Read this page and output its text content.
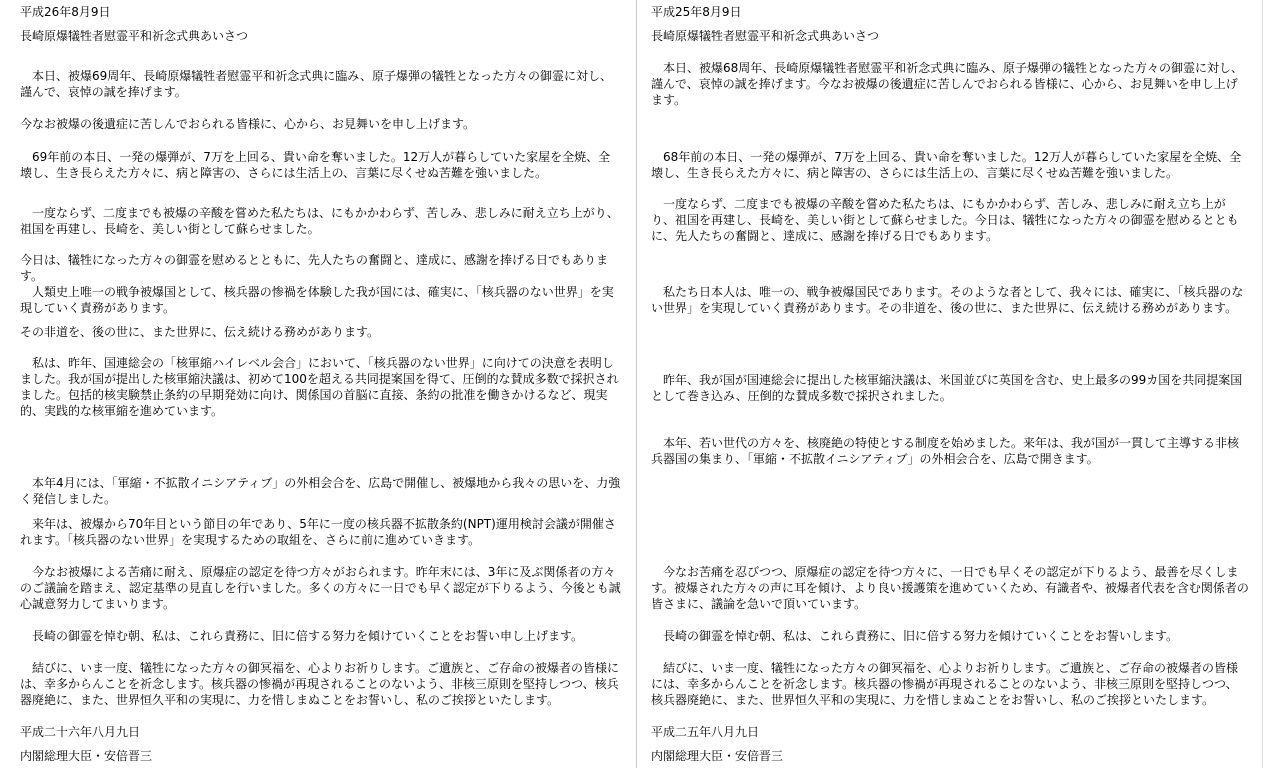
平成26年8月9日

長崎原爆犠牲者慰霊平和祈念式典あいさつ

　本日、被爆69周年、長崎原爆犠牲者慰霊平和祈念式典に臨み、原子爆弾の犠牲となった方々の御霊に対し、謹んで、哀悼の誠を捧げます。

今なお被爆の後遺症に苦しんでおられる皆様に、心から、お見舞いを申し上げます。

　69年前の本日、一発の爆弾が、7万を上回る、貴い命を奪いました。12万人が暮らしていた家屋を全焼、全壊し、生き長らえた方々に、病と障害の、さらには生活上の、言葉に尽くせぬ苦難を強いました。

　一度ならず、二度までも被爆の辛酸を嘗めた私たちは、にもかかわらず、苦しみ、悲しみに耐え立ち上がり、祖国を再建し、長崎を、美しい街として蘇らせました。

今日は、犠牲になった方々の御霊を慰めるとともに、先人たちの奮闘と、達成に、感謝を捧げる日でもあります。

　人類史上唯一の戦争被爆国として、核兵器の惨禍を体験した我が国には、確実に、「核兵器のない世界」を実現していく責務があります。

その非道を、後の世に、また世界に、伝え続ける務めがあります。

　私は、昨年、国連総会の「核軍縮ハイレベル会合」において、「核兵器のない世界」に向けての決意を表明しました。我が国が提出した核軍縮決議は、初めて100を超える共同提案国を得て、圧倒的な賛成多数で採択されました。包括的核実験禁止条約の早期発効に向け、関係国の首脳に直接、条約の批准を働きかけるなど、現実的、実践的な核軍縮を進めています。

　本年4月には、「軍縮・不拡散イニシアティブ」の外相会合を、広島で開催し、被爆地から我々の思いを、力強く発信しました。

　来年は、被爆から70年目という節目の年であり、5年に一度の核兵器不拡散条約(NPT)運用検討会議が開催されます。「核兵器のない世界」を実現するための取組を、さらに前に進めていきます。

　今なお被爆による苦痛に耐え、原爆症の認定を待つ方々がおられます。昨年末には、3年に及ぶ関係者の方々のご議論を踏まえ、認定基準の見直しを行いました。多くの方々に一日でも早く認定が下りるよう、今後とも誠心誠意努力してまいります。

　長崎の御霊を悼む朝、私は、これら責務に、旧に倍する努力を傾けていくことをお誓い申し上げます。

　結びに、いま一度、犠牲になった方々の御冥福を、心よりお祈りします。ご遺族と、ご存命の被爆者の皆様には、幸多からんことを祈念します。核兵器の惨禍が再現されることのないよう、非核三原則を堅持しつつ、核兵器廃絶に、また、世界恒久平和の実現に、力を惜しまぬことをお誓いし、私のご挨拶といたします。

平成二十六年八月九日

内閣総理大臣・安倍晋三

平成25年8月9日

長崎原爆犠牲者慰霊平和祈念式典あいさつ

　本日、被爆68周年、長崎原爆犠牲者慰霊平和祈念式典に臨み、原子爆弾の犠牲となった方々の御霊に対し、謹んで、哀悼の誠を捧げます。今なお被爆の後遺症に苦しんでおられる皆様に、心から、お見舞いを申し上げます。

　68年前の本日、一発の爆弾が、7万を上回る、貴い命を奪いました。12万人が暮らしていた家屋を全焼、全壊し、生き長らえた方々に、病と障害の、さらには生活上の、言葉に尽くせぬ苦難を強いました。

　一度ならず、二度までも被爆の辛酸を嘗めた私たちは、にもかかわらず、苦しみ、悲しみに耐え立ち上がり、祖国を再建し、長崎を、美しい街として蘇らせました。今日は、犠牲になった方々の御霊を慰めるとともに、先人たちの奮闘と、達成に、感謝を捧げる日でもあります。

　私たち日本人は、唯一の、戦争被爆国民であります。そのような者として、我々には、確実に、「核兵器のない世界」を実現していく責務があります。その非道を、後の世に、また世界に、伝え続ける務めがあります。

　昨年、我が国が国連総会に提出した核軍縮決議は、米国並びに英国を含む、史上最多の99カ国を共同提案国として巻き込み、圧倒的な賛成多数で採択されました。

　本年、若い世代の方々を、核廃絶の特使とする制度を始めました。来年は、我が国が一貫して主導する非核兵器国の集まり、「軍縮・不拡散イニシアティブ」の外相会合を、広島で開きます。

　今なお苦痛を忍びつつ、原爆症の認定を待つ方々に、一日でも早くその認定が下りるよう、最善を尽くします。被爆された方々の声に耳を傾け、より良い援護策を進めていくため、有識者や、被爆者代表を含む関係者の皆さまに、議論を急いで頂いています。

　長崎の御霊を悼む朝、私は、これら責務に、旧に倍する努力を傾けていくことをお誓いします。

　結びに、いま一度、犠牲になった方々の御冥福を、心よりお祈りします。ご遺族と、ご存命の被爆者の皆様には、幸多からんことを祈念します。核兵器の惨禍が再現されることのないよう、非核三原則を堅持しつつ、核兵器廃絶に、また、世界恒久平和の実現に、力を惜しまぬことをお誓いし、私のご挨拶といたします。

平成二五年八月九日

内閣総理大臣・安倍晋三
